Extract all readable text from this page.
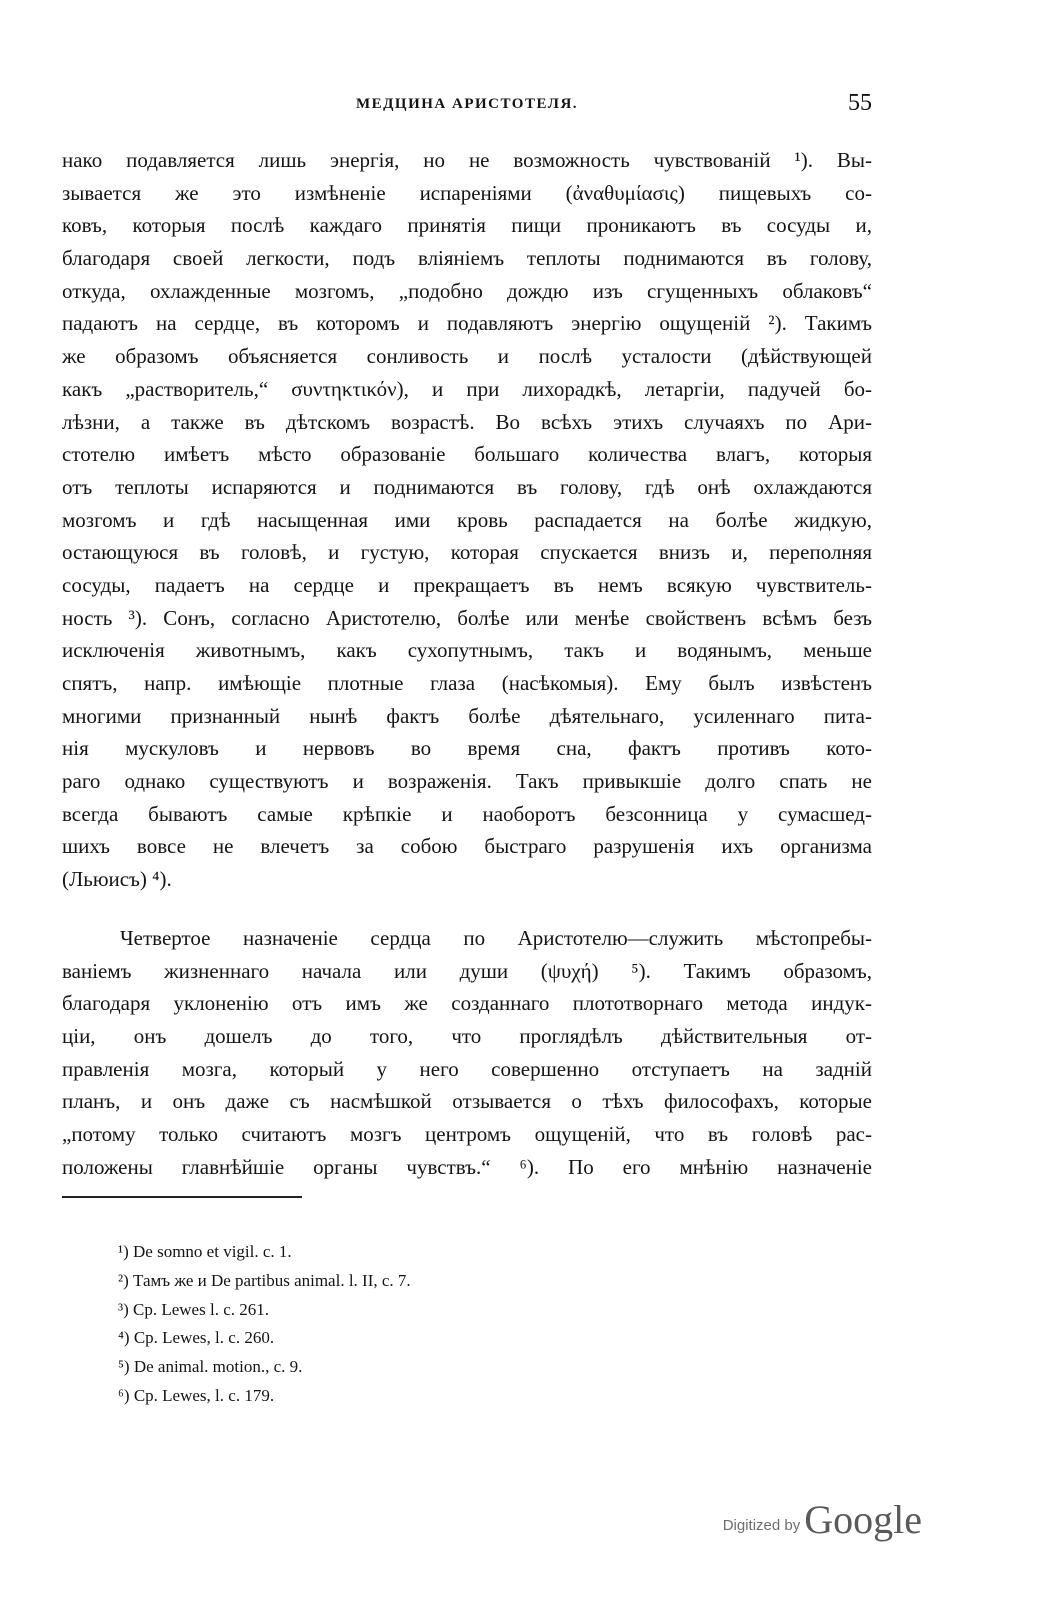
МЕДЦИНА АРИСТОТЕЛЯ.	55
нако подавляется лишь энергія, но не возможность чувствованій ¹). Вы-
зывается же это измѣненіе испареніями (ἀναθυμίασις) пищевыхъ со-
ковъ, которыя послѣ каждаго принятія пищи проникаютъ въ сосуды и,
благодаря своей легкости, подъ вліяніемъ теплоты поднимаются въ голову,
откуда, охлажденные мозгомъ, „подобно дождю изъ сгущенныхъ облаковъ“
падаютъ на сердце, въ которомъ и подавляютъ энергію ощущеній ²). Такимъ
же образомъ объясняется сонливость и послѣ усталости (дѣйствующей
какъ „растворитель,“ συντηκτικόν), и при лихорадкѣ, летаргіи, падучей бо-
лѣзни, а также въ дѣтскомъ возрастѣ. Во всѣхъ этихъ случаяхъ по Ари-
стотелю имѣетъ мѣсто образованіе большаго количества влагъ, которыя
отъ теплоты испаряются и поднимаются въ голову, гдѣ онѣ охлаждаются
мозгомъ и гдѣ насыщенная ими кровь распадается на болѣе жидкую,
остающуюся въ головѣ, и густую, которая спускается внизъ и, переполняя
сосуды, падаетъ на сердце и прекращаетъ въ немъ всякую чувствитель-
ность ³). Сонъ, согласно Аристотелю, болѣе или менѣе свойственъ всѣмъ безъ
исключенія животнымъ, какъ сухопутнымъ, такъ и водянымъ, меньше
спятъ, напр. имѣющіе плотные глаза (насѣкомыя). Ему былъ извѣстенъ
многими признанный нынѣ фактъ болѣе дѣятельнаго, усиленнаго пита-
нія мускуловъ и нервовъ во время сна, фактъ противъ кото-
раго однако существуютъ и возраженія. Такъ привыкшіе долго спать не
всегда бываютъ самые крѣпкіе и наоборотъ безсонница у сумасшед-
шихъ вовсе не влечетъ за собою быстраго разрушенія ихъ организма
(Льюисъ) ⁴).
Четвертое назначеніе сердца по Аристотелю—служить мѣстопребы-
ваніемъ жизненнаго начала или души (ψυχή) ⁵). Такимъ образомъ,
благодаря уклоненію отъ имъ же созданнаго плототворнаго метода индук-
ціи, онъ дошелъ до того, что проглядѣлъ дѣйствительныя от-
правленія мозга, который у него совершенно отступаетъ на задній
планъ, и онъ даже съ насмѣшкой отзывается о тѣхъ философахъ, которые
„потому только считаютъ мозгъ центромъ ощущеній, что въ головѣ рас-
положены главнѣйшіе органы чувствъ.“ ⁶). По его мнѣнію назначеніе
¹) De somno et vigil. c. 1.
²) Тамъ же и De partibus animal. l. II, c. 7.
³) Cp. Lewes l. c. 261.
⁴) Cp. Lewes, l. c. 260.
⁵) De animal. motion., c. 9.
⁶) Cp. Lewes, l. c. 179.
Digitized by Google
